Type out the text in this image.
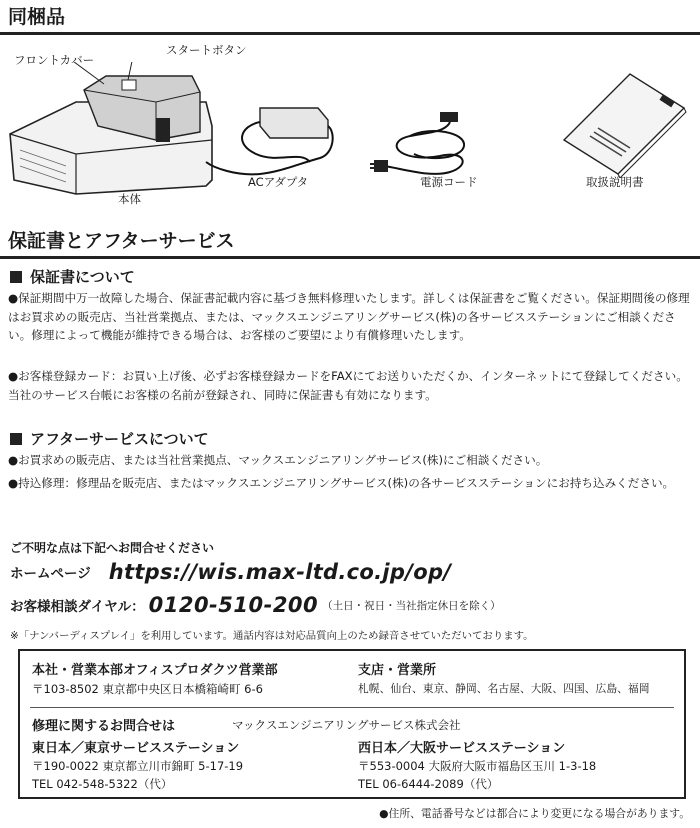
同梱品
フロントカバー
スタートボタン
本体
ACアダプタ	電源コード	取扱説明書
保証書とアフターサービス
保証書について

●保証期間中万一故障した場合、保証書記載内容に基づき無料修理いたします。詳しくは保証書をご覧ください。保証期間後の修理はお買求めの販売店、当社営業拠点、または、マックスエンジニアリングサービス(株)の各サービスステーションにご相談ください。修理によって機能が維持できる場合は、お客様のご要望により有償修理いたします。

●お客様登録カード：お買い上げ後、必ずお客様登録カードをFAXにてお送りいただくか、インターネットにて登録してください。当社のサービス台帳にお客様の名前が登録され、同時に保証書も有効になります。

アフターサービスについて

●お買求めの販売店、または当社営業拠点、マックスエンジニアリングサービス(株)にご相談ください。

●持込修理：修理品を販売店、またはマックスエンジニアリングサービス(株)の各サービスステーションにお持ち込みください。

ご不明な点は下記へお問合せください
ホームページ https://wis.max-ltd.co.jp/op/
お客様相談ダイヤル： 0120-510-200 （土日・祝日・当社指定休日を除く）
※「ナンバーディスプレイ」を利用しています。通話内容は対応品質向上のため録音させていただいております。
本社・営業本部オフィスプロダクツ営業部
〒103-8502 東京都中央区日本橋箱崎町 6-6
支店・営業所
札幌、仙台、東京、静岡、名古屋、大阪、四国、広島、福岡
修理に関するお問合せは	マックスエンジニアリングサービス株式会社
東日本／東京サービスステーション
〒190-0022 東京都立川市錦町 5-17-19
TEL 042-548-5322（代）
西日本／大阪サービスステーション
〒553-0004 大阪府大阪市福島区玉川 1-3-18
TEL 06-6444-2089（代）
●住所、電話番号などは都合により変更になる場合があります。
